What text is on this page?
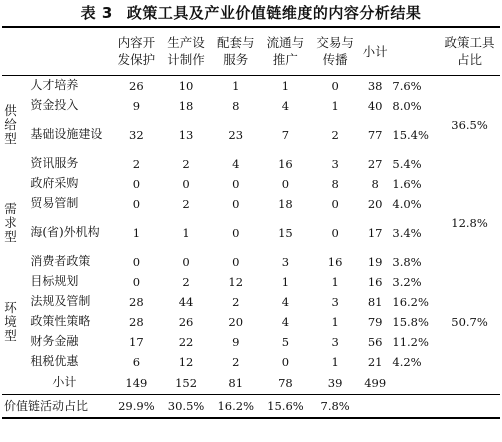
表 3 政策工具及产业价值链维度的内容分析结果
		内容开发保护	生产设计制作	配套与服务	流通与推广	交易与传播	小计		政策工具占比
供给型	人才培养	26	10	1	1	0	38	7.6%	36.5%
	资金投入	9	18	8	4	1	40	8.0%	
	基础设施建设	32	13	23	7	2	77	15.4%	
	资讯服务	2	2	4	16	3	27	5.4%	
需求型	政府采购	0	0	0	0	8	8	1.6%	12.8%
	贸易管制	0	2	0	18	0	20	4.0%	
	海(省)外机构	1	1	0	15	0	17	3.4%	
	消费者政策	0	0	0	3	16	19	3.8%	
环境型	目标规划	0	2	12	1	1	16	3.2%	50.7%
	法规及管制	28	44	2	4	3	81	16.2%	
	政策性策略	28	26	20	4	1	79	15.8%	
	财务金融	17	22	9	5	3	56	11.2%	
	租税优惠	6	12	2	0	1	21	4.2%	
	小计	149	152	81	78	39	499		
价值链活动占比		29.9%	30.5%	16.2%	15.6%	7.8%			
